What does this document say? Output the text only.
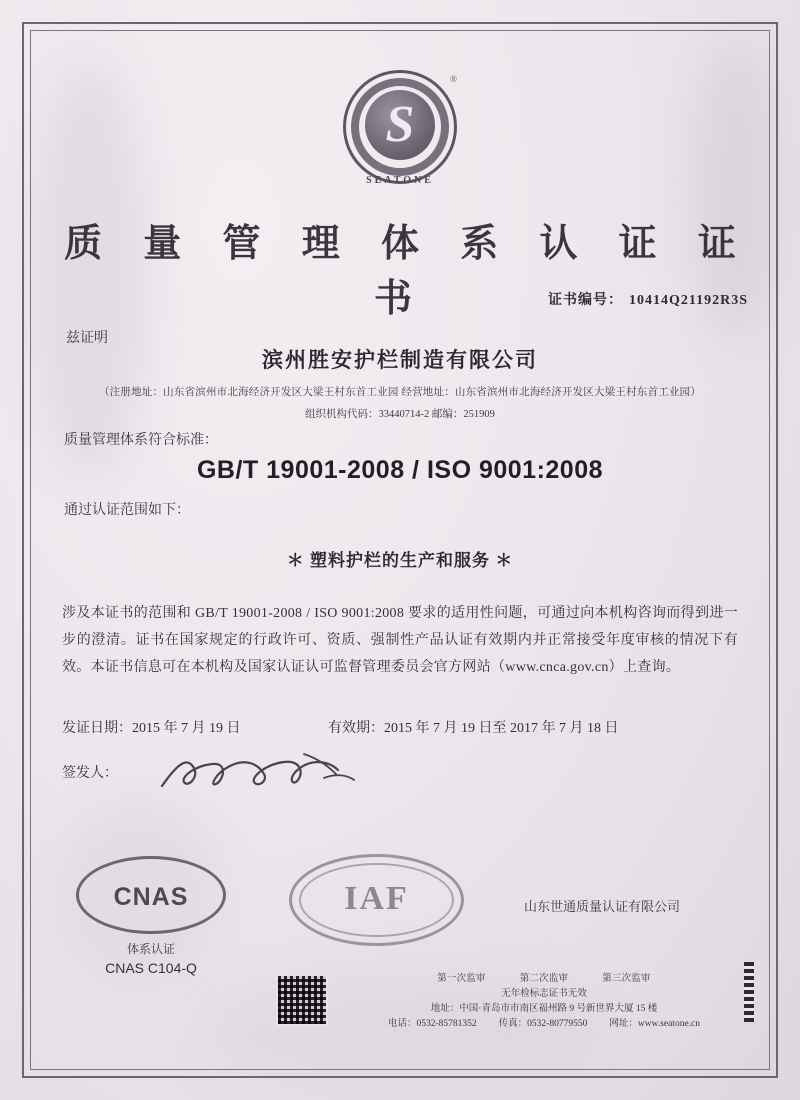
S
®
SEATONE
质 量 管 理 体 系 认 证 证 书	证书编号： 10414Q21192R3S
兹证明
滨州胜安护栏制造有限公司
（注册地址：山东省滨州市北海经济开发区大梁王村东首工业园 经营地址：山东省滨州市北海经济开发区大梁王村东首工业园）
组织机构代码：33440714-2 邮编：251909
质量管理体系符合标准：
GB/T 19001-2008 / ISO 9001:2008
通过认证范围如下：
＊ 塑料护栏的生产和服务 ＊
涉及本证书的范围和 GB/T 19001-2008 / ISO 9001:2008 要求的适用性问题，可通过向本机构咨询而得到进一步的澄清。证书在国家规定的行政许可、资质、强制性产品认证有效期内并正常接受年度审核的情况下有效。本证书信息可在本机构及国家认证认可监督管理委员会官方网站（www.cnca.gov.cn）上查询。
发证日期：2015 年 7 月 19 日	有效期：2015 年 7 月 19 日至 2017 年 7 月 18 日
签发人：
CNAS
体系认证
CNAS C104-Q
IAF	山东世通质量认证有限公司
第一次监审	第二次监审	第三次监审
无年检标志证书无效
地址：中国·青岛市市南区福州路 9 号新世界大厦 15 楼
电话：0532-85781352 传真：0532-80779550 网址：www.seatone.cn
